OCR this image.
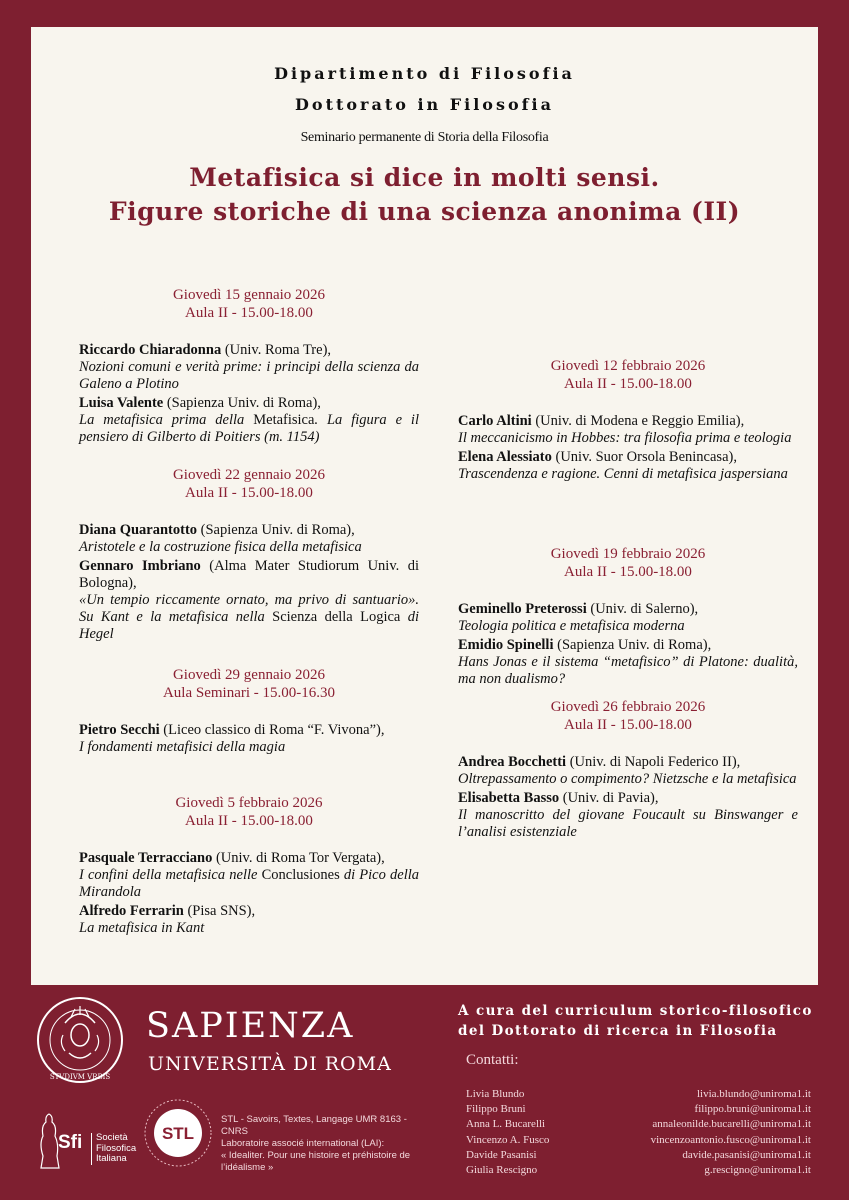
Dipartimento di Filosofia
Dottorato in Filosofia
Seminario permanente di Storia della Filosofia
Metafisica si dice in molti sensi.
Figure storiche di una scienza anonima (II)
Giovedì 15 gennaio 2026
Aula II - 15.00-18.00
Riccardo Chiaradonna (Univ. Roma Tre),
Nozioni comuni e verità prime: i principi della scienza da Galeno a Plotino
Luisa Valente (Sapienza Univ. di Roma),
La metafisica prima della Metafisica. La figura e il pensiero di Gilberto di Poitiers (m. 1154)
Giovedì 22 gennaio 2026
Aula II - 15.00-18.00
Diana Quarantotto (Sapienza Univ. di Roma),
Aristotele e la costruzione fisica della metafisica
Gennaro Imbriano (Alma Mater Studiorum Univ. di Bologna),
«Un tempio riccamente ornato, ma privo di santuario». Su Kant e la metafisica nella Scienza della Logica di Hegel
Giovedì 29 gennaio 2026
Aula Seminari - 15.00-16.30
Pietro Secchi (Liceo classico di Roma “F. Vivona”),
I fondamenti metafisici della magia
Giovedì 5 febbraio 2026
Aula II - 15.00-18.00
Pasquale Terracciano (Univ. di Roma Tor Vergata),
I confini della metafisica nelle Conclusiones di Pico della Mirandola
Alfredo Ferrarin (Pisa SNS),
La metafisica in Kant
Giovedì 12 febbraio 2026
Aula II - 15.00-18.00
Carlo Altini (Univ. di Modena e Reggio Emilia),
Il meccanicismo in Hobbes: tra filosofia prima e teologia
Elena Alessiato (Univ. Suor Orsola Benincasa),
Trascendenza e ragione. Cenni di metafisica jaspersiana
Giovedì 19 febbraio 2026
Aula II - 15.00-18.00
Geminello Preterossi (Univ. di Salerno),
Teologia politica e metafisica moderna
Emidio Spinelli (Sapienza Univ. di Roma),
Hans Jonas e il sistema “metafisico” di Platone: dualità, ma non dualismo?
Giovedì 26 febbraio 2026
Aula II - 15.00-18.00
Andrea Bocchetti (Univ. di Napoli Federico II),
Oltrepassamento o compimento? Nietzsche e la metafisica
Elisabetta Basso (Univ. di Pavia),
Il manoscritto del giovane Foucault su Binswanger e l’analisi esistenziale
STVDIVM VRBIS
SAPIENZA
UNIVERSITÀ DI ROMA
A cura del curriculum storico-filosofico
del Dottorato di ricerca in Filosofia
Contatti:
Livia Blundo	livia.blundo@uniroma1.it
Filippo Bruni	filippo.bruni@uniroma1.it
Anna L. Bucarelli	annaleonilde.bucarelli@uniroma1.it
Vincenzo A. Fusco	vincenzoantonio.fusco@uniroma1.it
Davide Pasanisi	davide.pasanisi@uniroma1.it
Giulia Rescigno	g.rescigno@uniroma1.it
Sfi Società
Filosofica
Italiana
STL
STL - Savoirs, Textes, Langage UMR 8163 - CNRS
Laboratoire associé international (LAI):
« Idealiter. Pour une histoire et préhistoire de l’idéalisme »
